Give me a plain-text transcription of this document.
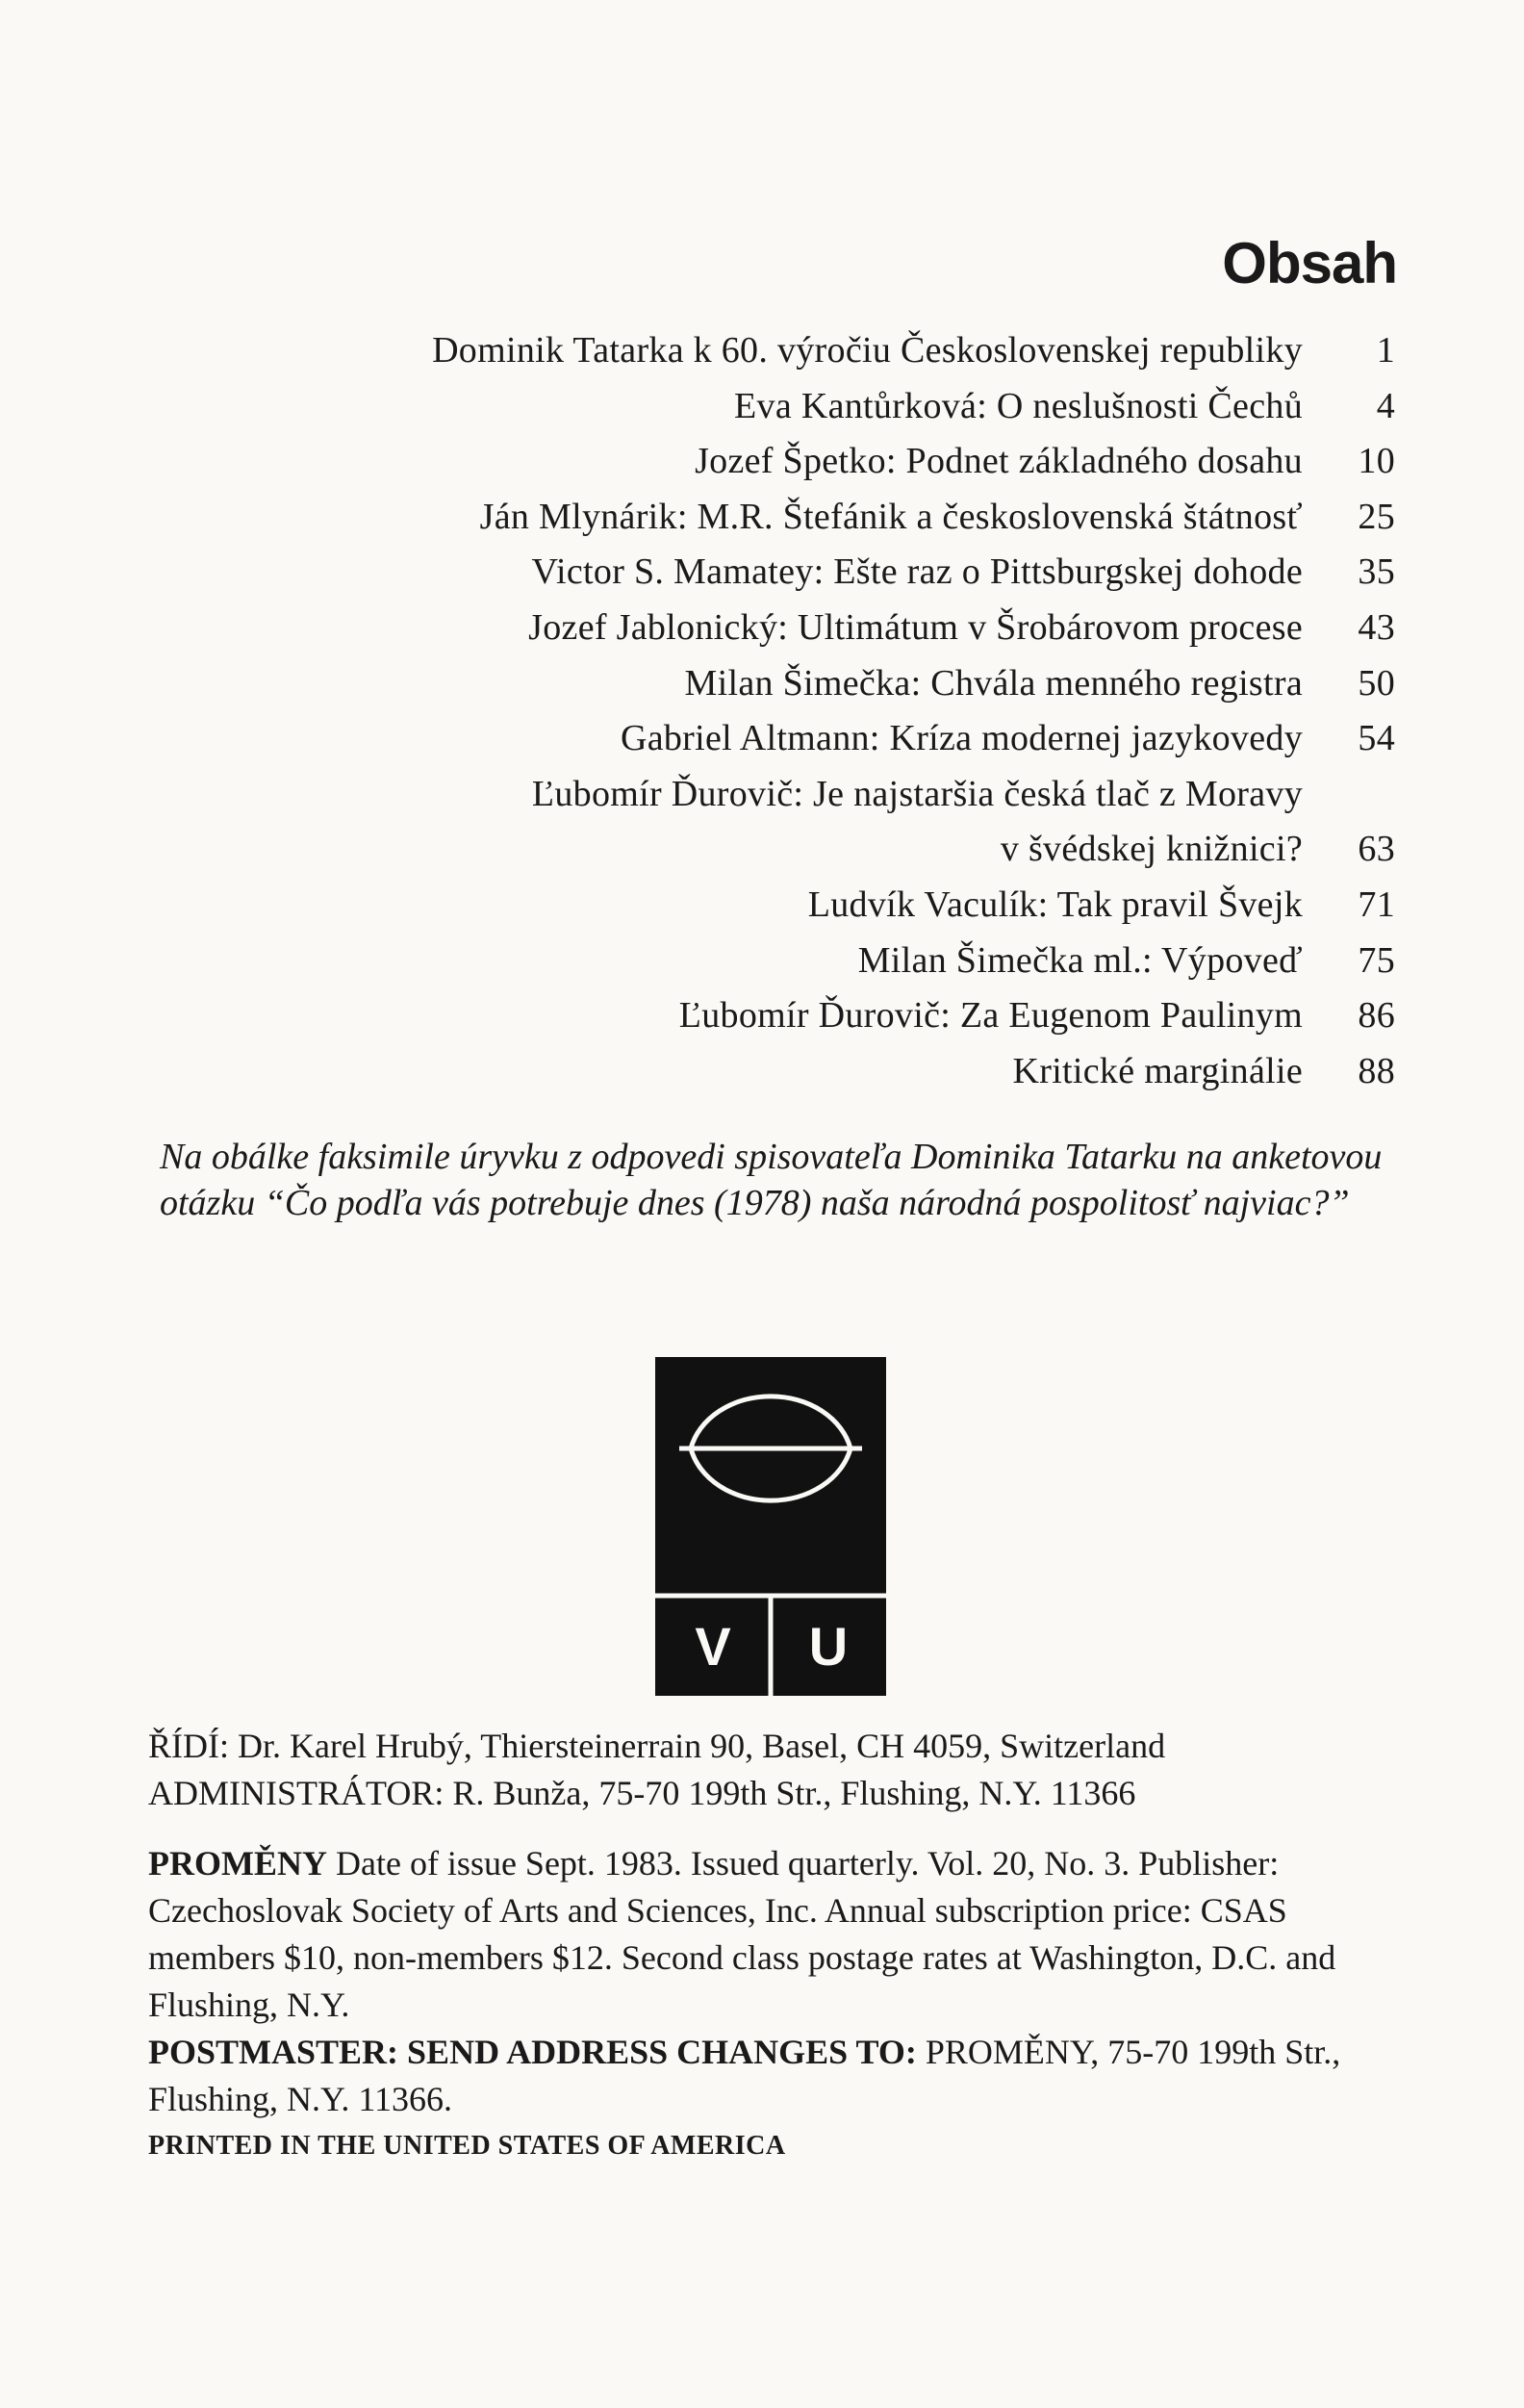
Obsah
Dominik Tatarka k 60. výročiu Československej republiky	1
Eva Kantůrková: O neslušnosti Čechů	4
Jozef Špetko: Podnet základného dosahu	10
Ján Mlynárik: M.R. Štefánik a československá štátnosť	25
Victor S. Mamatey: Ešte raz o Pittsburgskej dohode	35
Jozef Jablonický: Ultimátum v Šrobárovom procese	43
Milan Šimečka: Chvála menného registra	50
Gabriel Altmann: Kríza modernej jazykovedy	54
Ľubomír Ďurovič: Je najstaršia česká tlač z Moravy
v švédskej knižnici?	63
Ludvík Vaculík: Tak pravil Švejk	71
Milan Šimečka ml.: Výpoveď	75
Ľubomír Ďurovič: Za Eugenom Paulinym	86
Kritické marginálie	88

Na obálke faksimile úryvku z odpovedi spisovateľa Dominika Tatarku na anketovou otázku “Čo podľa vás potrebuje dnes (1978) naša národná pospolitosť najviac?”

V U

ŘÍDÍ: Dr. Karel Hrubý, Thiersteinerrain 90, Basel, CH 4059, Switzerland
ADMINISTRÁTOR: R. Bunža, 75-70 199th Str., Flushing, N.Y. 11366

PROMĚNY Date of issue Sept. 1983. Issued quarterly. Vol. 20, No. 3. Publisher: Czechoslovak Society of Arts and Sciences, Inc. Annual subscription price: CSAS members $10, non-members $12. Second class postage rates at Washington, D.C. and Flushing, N.Y.
POSTMASTER: SEND ADDRESS CHANGES TO: PROMĚNY, 75-70 199th Str., Flushing, N.Y. 11366.

PRINTED IN THE UNITED STATES OF AMERICA
